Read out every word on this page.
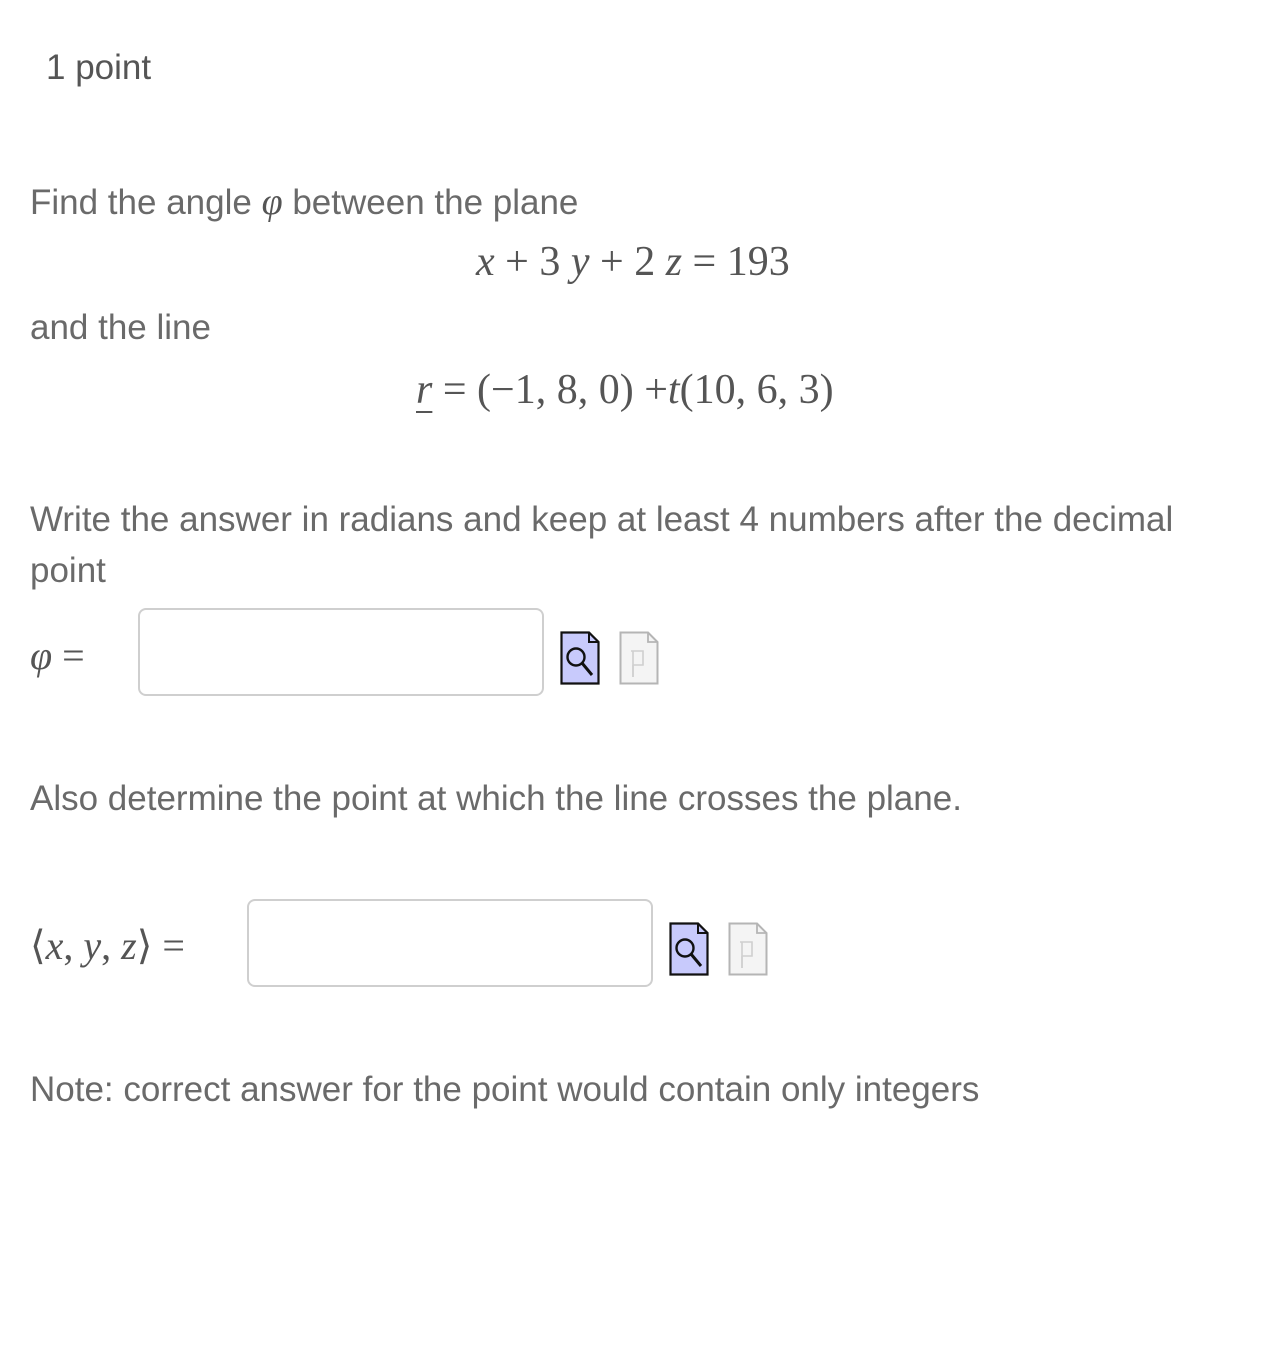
1 point
Find the angle φ between the plane
x + 3 y + 2 z = 193
and the line
r = (−1, 8, 0) +t(10, 6, 3)
Write the answer in radians and keep at least 4 numbers after the decimal
point
φ =
Also determine the point at which the line crosses the plane.
⟨x, y, z⟩ =
Note: correct answer for the point would contain only integers
